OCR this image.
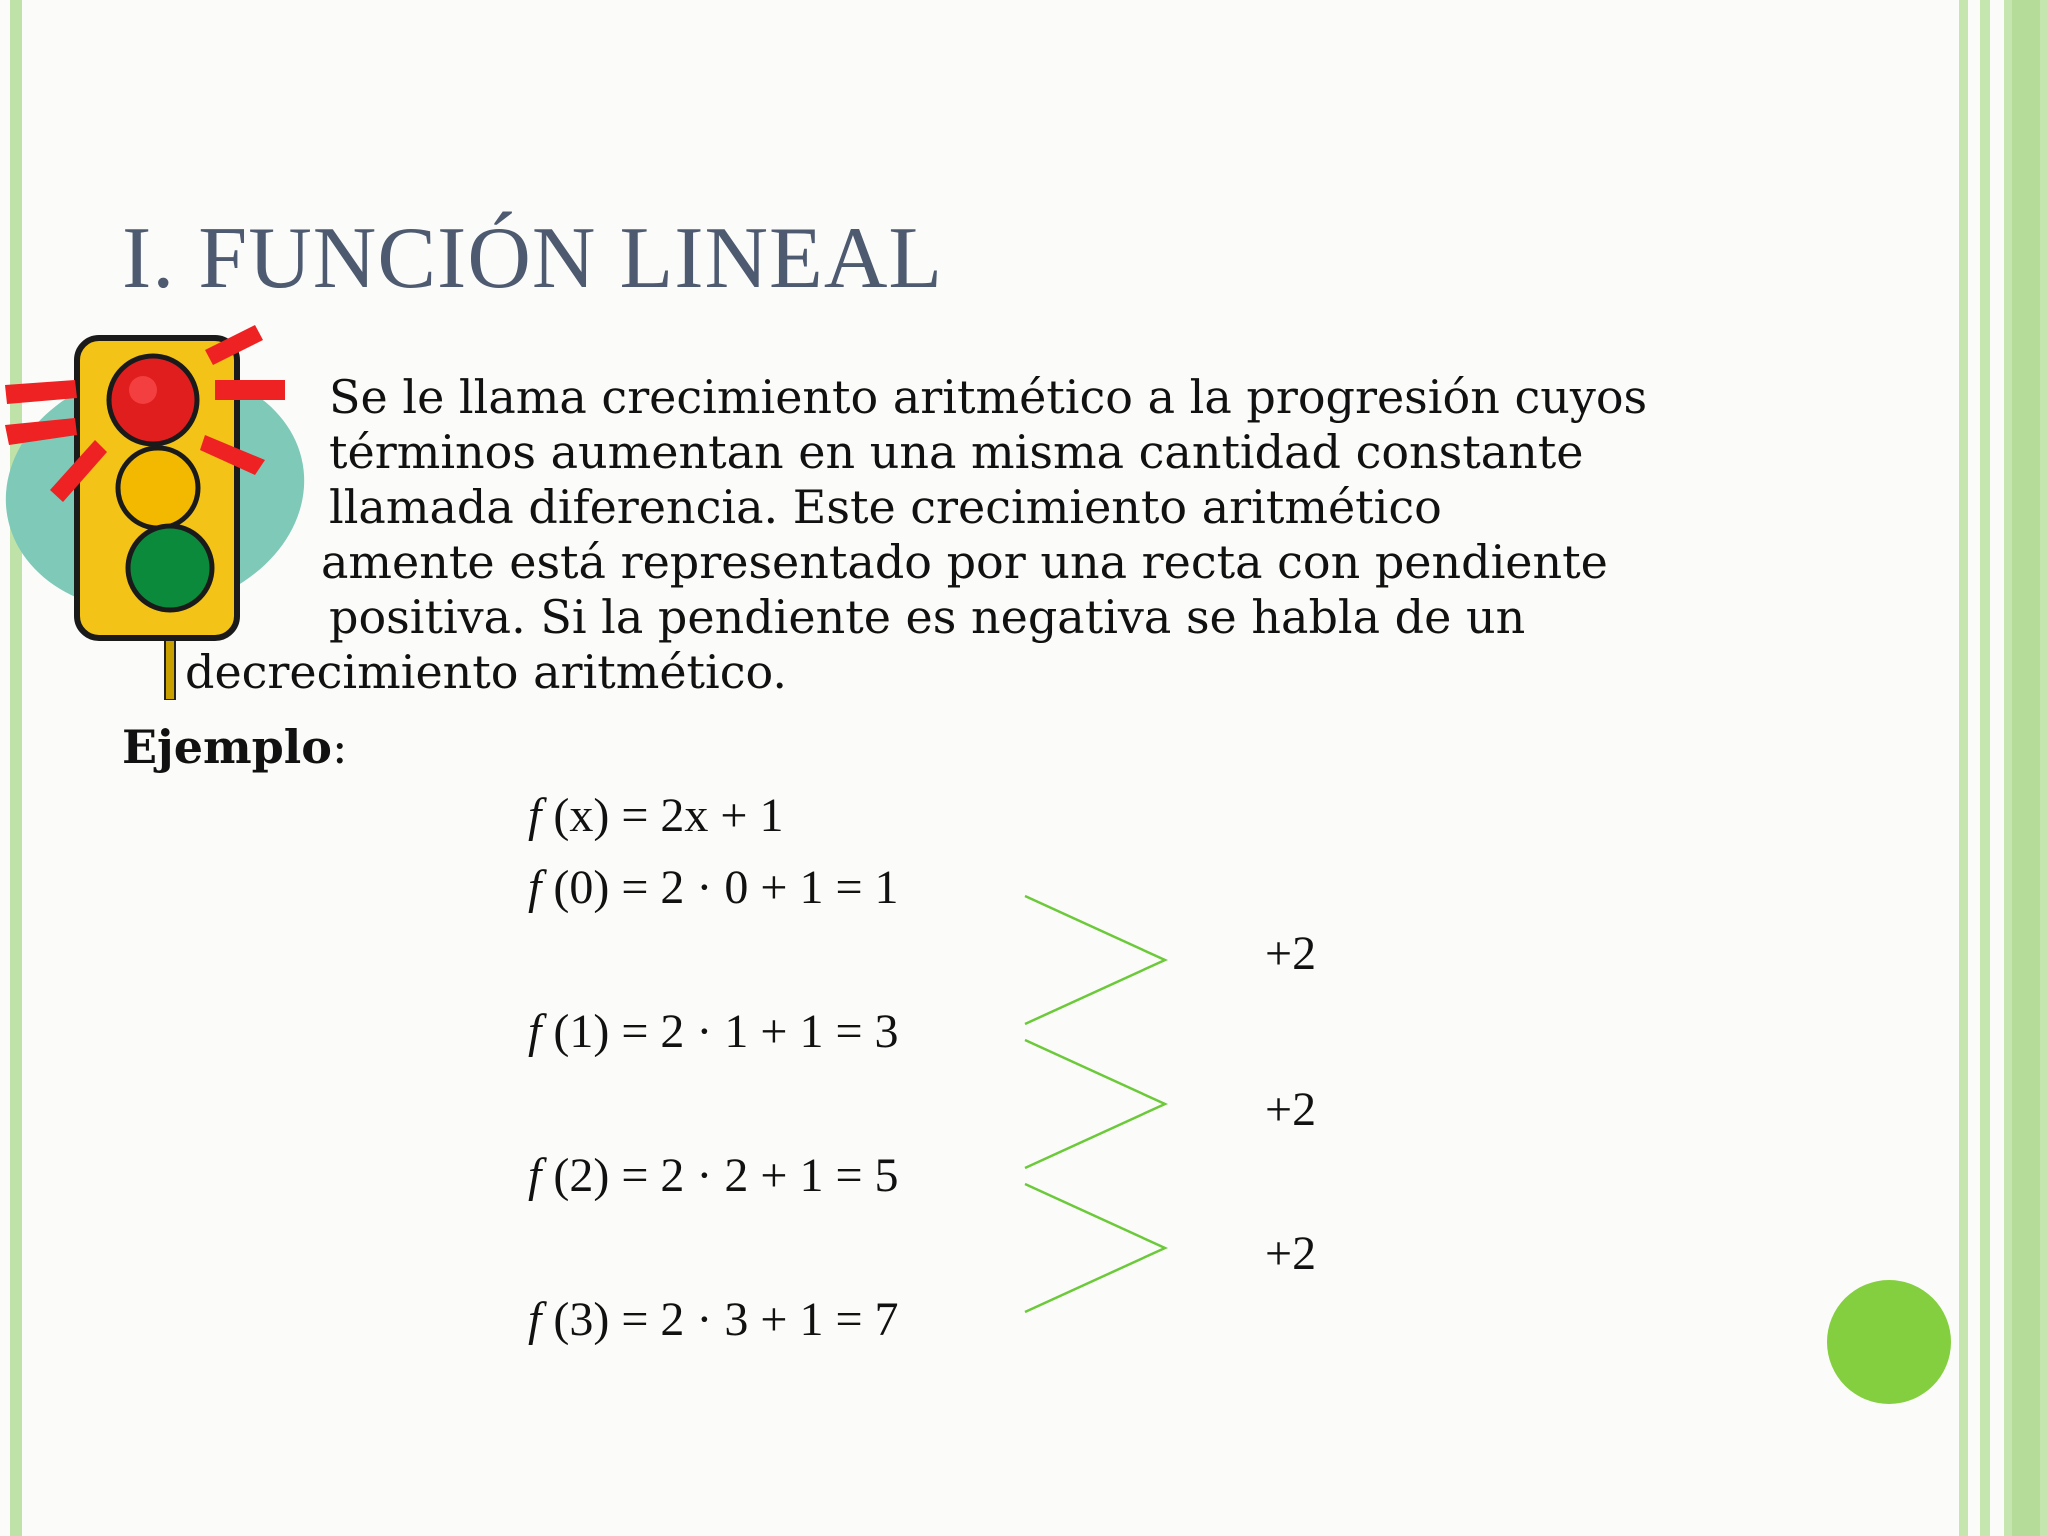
I. FUNCIÓN LINEAL
Se le llama crecimiento aritmético a la progresión cuyos
términos aumentan en una misma cantidad constante
llamada diferencia. Este crecimiento aritmético
amente está representado por una recta con pendiente
positiva. Si la pendiente es negativa se habla de un
decrecimiento aritmético.
Ejemplo:
f (x) = 2x + 1
f (0) = 2 · 0 + 1 = 1
f (1) = 2 · 1 + 1 = 3
f (2) = 2 · 2 + 1 = 5
f (3) = 2 · 3 + 1 = 7
+2
+2
+2
